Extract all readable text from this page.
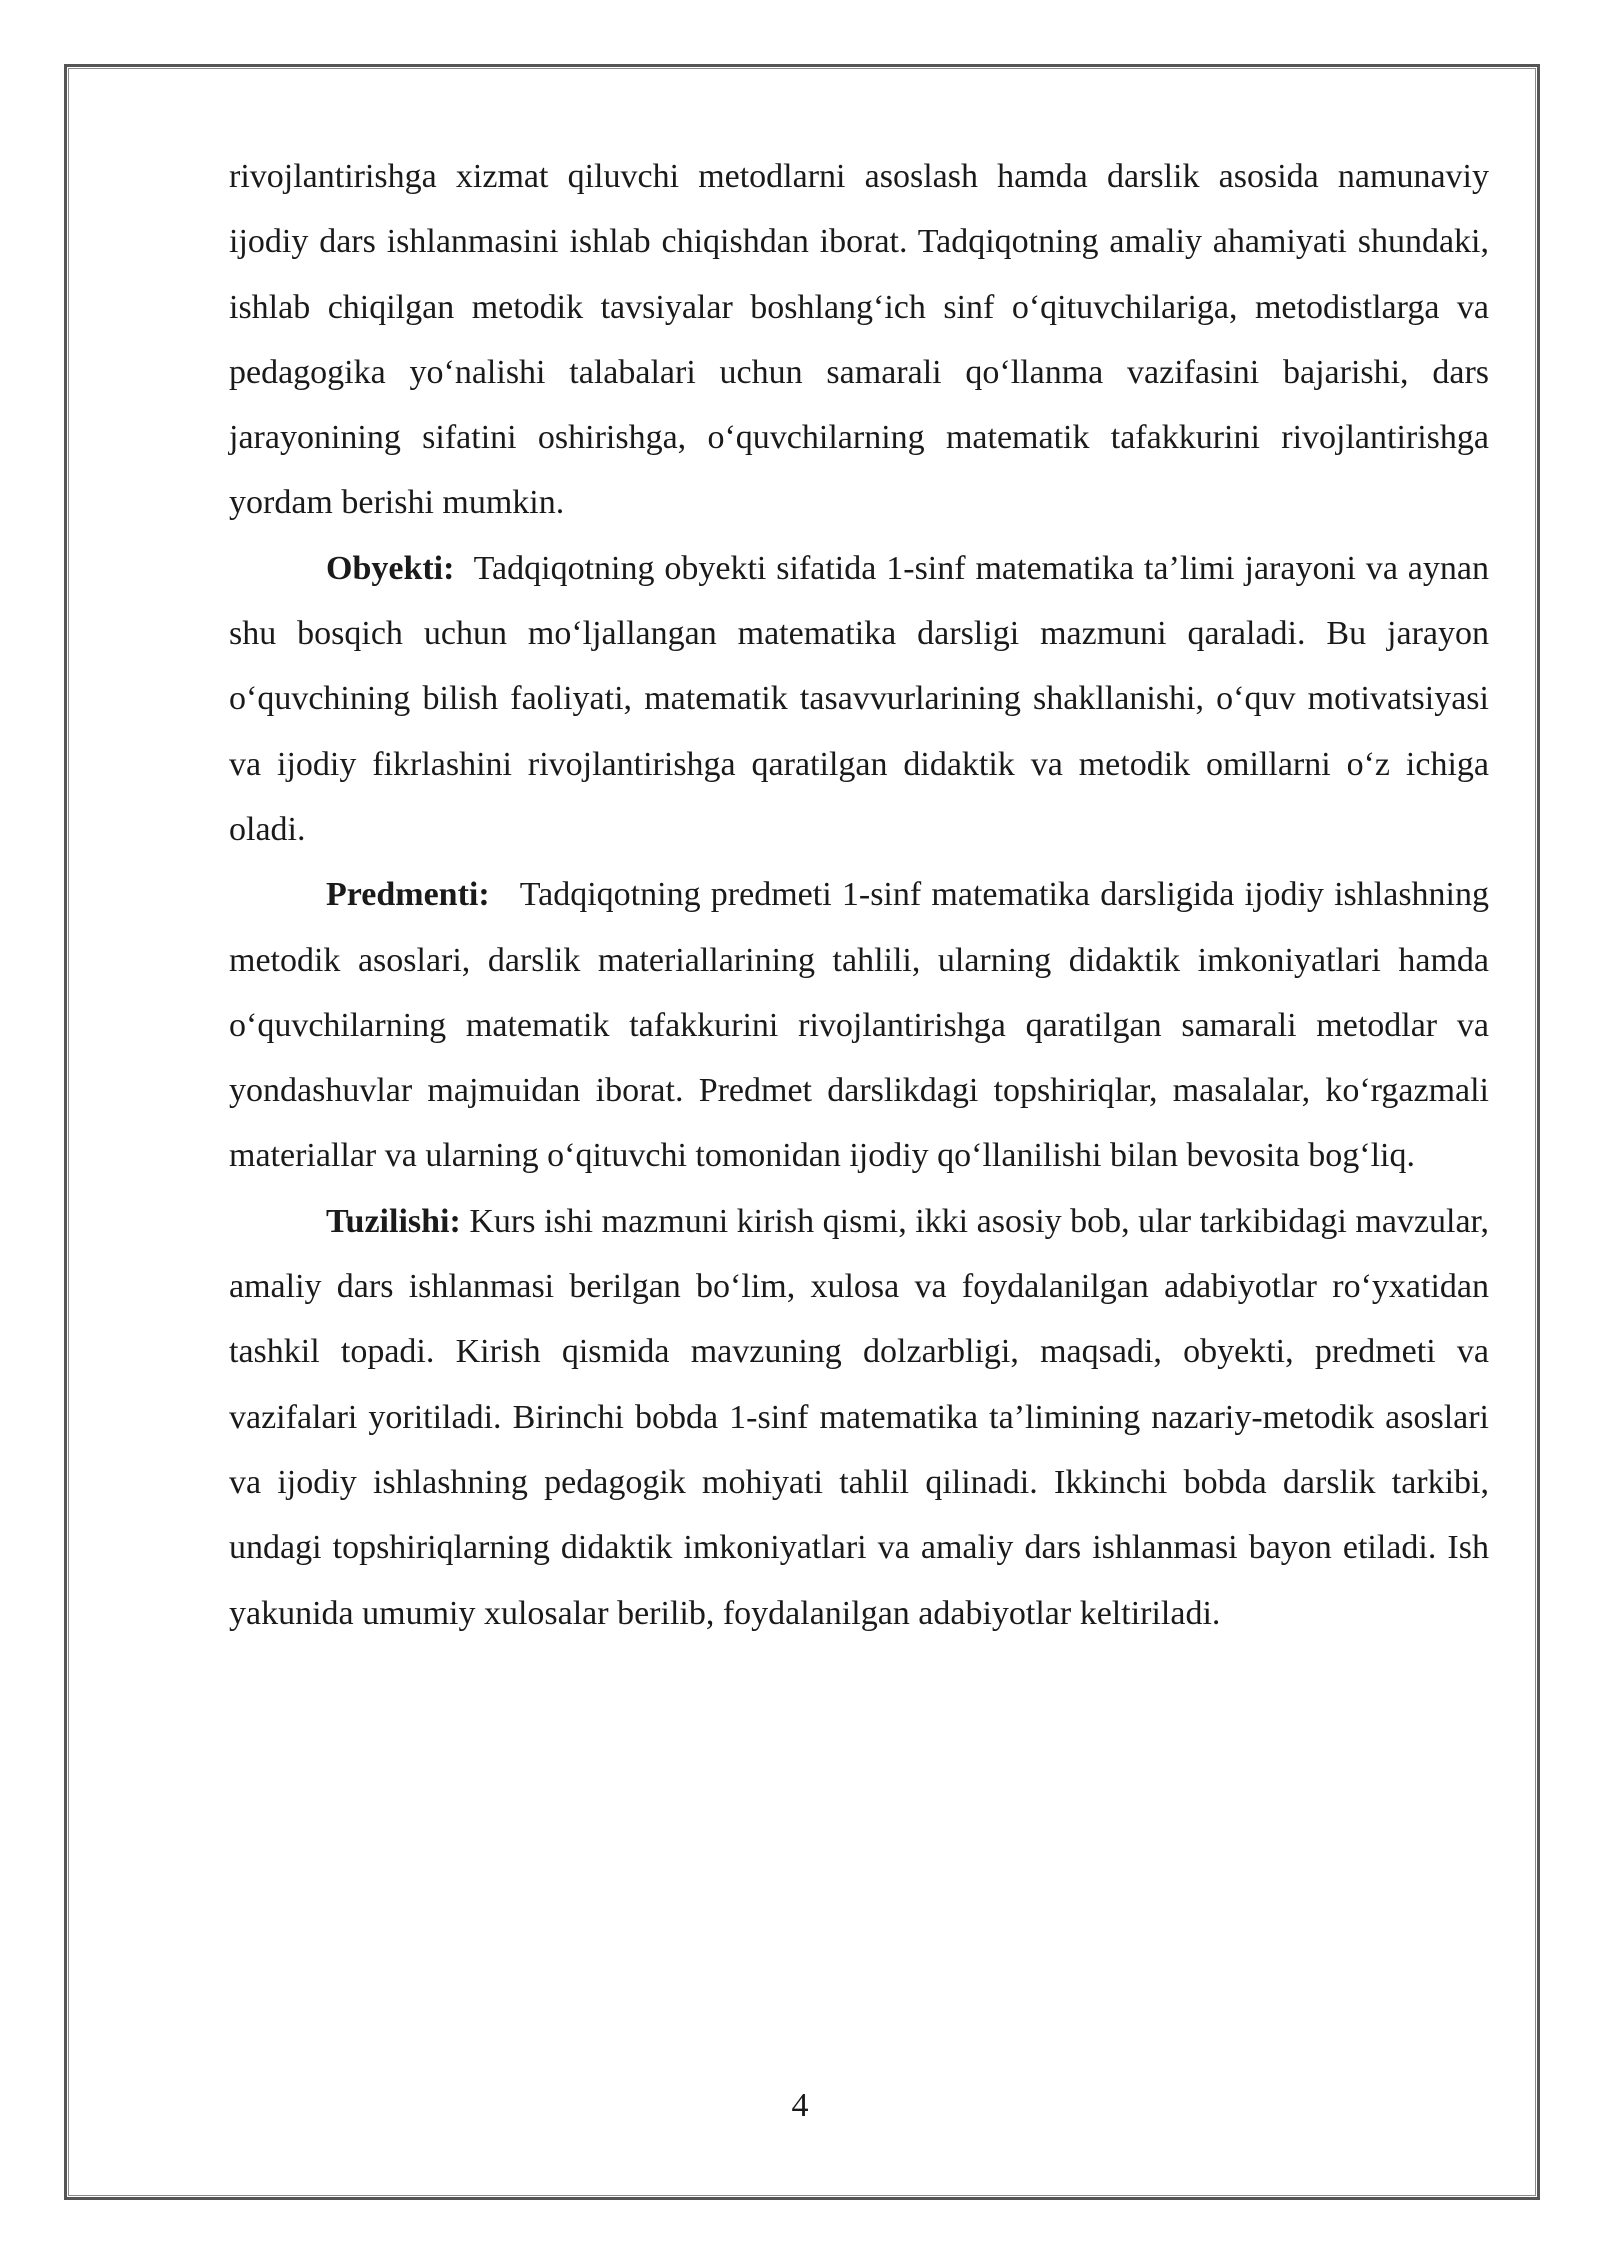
rivojlantirishga xizmat qiluvchi metodlarni asoslash hamda darslik asosida namunaviy ijodiy dars ishlanmasini ishlab chiqishdan iborat. Tadqiqotning amaliy ahamiyati shundaki, ishlab chiqilgan metodik tavsiyalar boshlang‘ich sinf o‘qituvchilariga, metodistlarga va pedagogika yo‘nalishi talabalari uchun samarali qo‘llanma vazifasini bajarishi, dars jarayonining sifatini oshirishga, o‘quvchilarning matematik tafakkurini rivojlantirishga yordam berishi mumkin.

Obyekti: Tadqiqotning obyekti sifatida 1-sinf matematika ta’limi jarayoni va aynan shu bosqich uchun mo‘ljallangan matematika darsligi mazmuni qaraladi. Bu jarayon o‘quvchining bilish faoliyati, matematik tasavvurlarining shakllanishi, o‘quv motivatsiyasi va ijodiy fikrlashini rivojlantirishga qaratilgan didaktik va metodik omillarni o‘z ichiga oladi.

Predmenti: Tadqiqotning predmeti 1-sinf matematika darsligida ijodiy ishlashning metodik asoslari, darslik materiallarining tahlili, ularning didaktik imkoniyatlari hamda o‘quvchilarning matematik tafakkurini rivojlantirishga qaratilgan samarali metodlar va yondashuvlar majmuidan iborat. Predmet darslikdagi topshiriqlar, masalalar, ko‘rgazmali materiallar va ularning o‘qituvchi tomonidan ijodiy qo‘llanilishi bilan bevosita bog‘liq.

Tuzilishi: Kurs ishi mazmuni kirish qismi, ikki asosiy bob, ular tarkibidagi mavzular, amaliy dars ishlanmasi berilgan bo‘lim, xulosa va foydalanilgan adabiyotlar ro‘yxatidan tashkil topadi. Kirish qismida mavzuning dolzarbligi, maqsadi, obyekti, predmeti va vazifalari yoritiladi. Birinchi bobda 1-sinf matematika ta’limining nazariy-metodik asoslari va ijodiy ishlashning pedagogik mohiyati tahlil qilinadi. Ikkinchi bobda darslik tarkibi, undagi topshiriqlarning didaktik imkoniyatlari va amaliy dars ishlanmasi bayon etiladi. Ish yakunida umumiy xulosalar berilib, foydalanilgan adabiyotlar keltiriladi.

4
